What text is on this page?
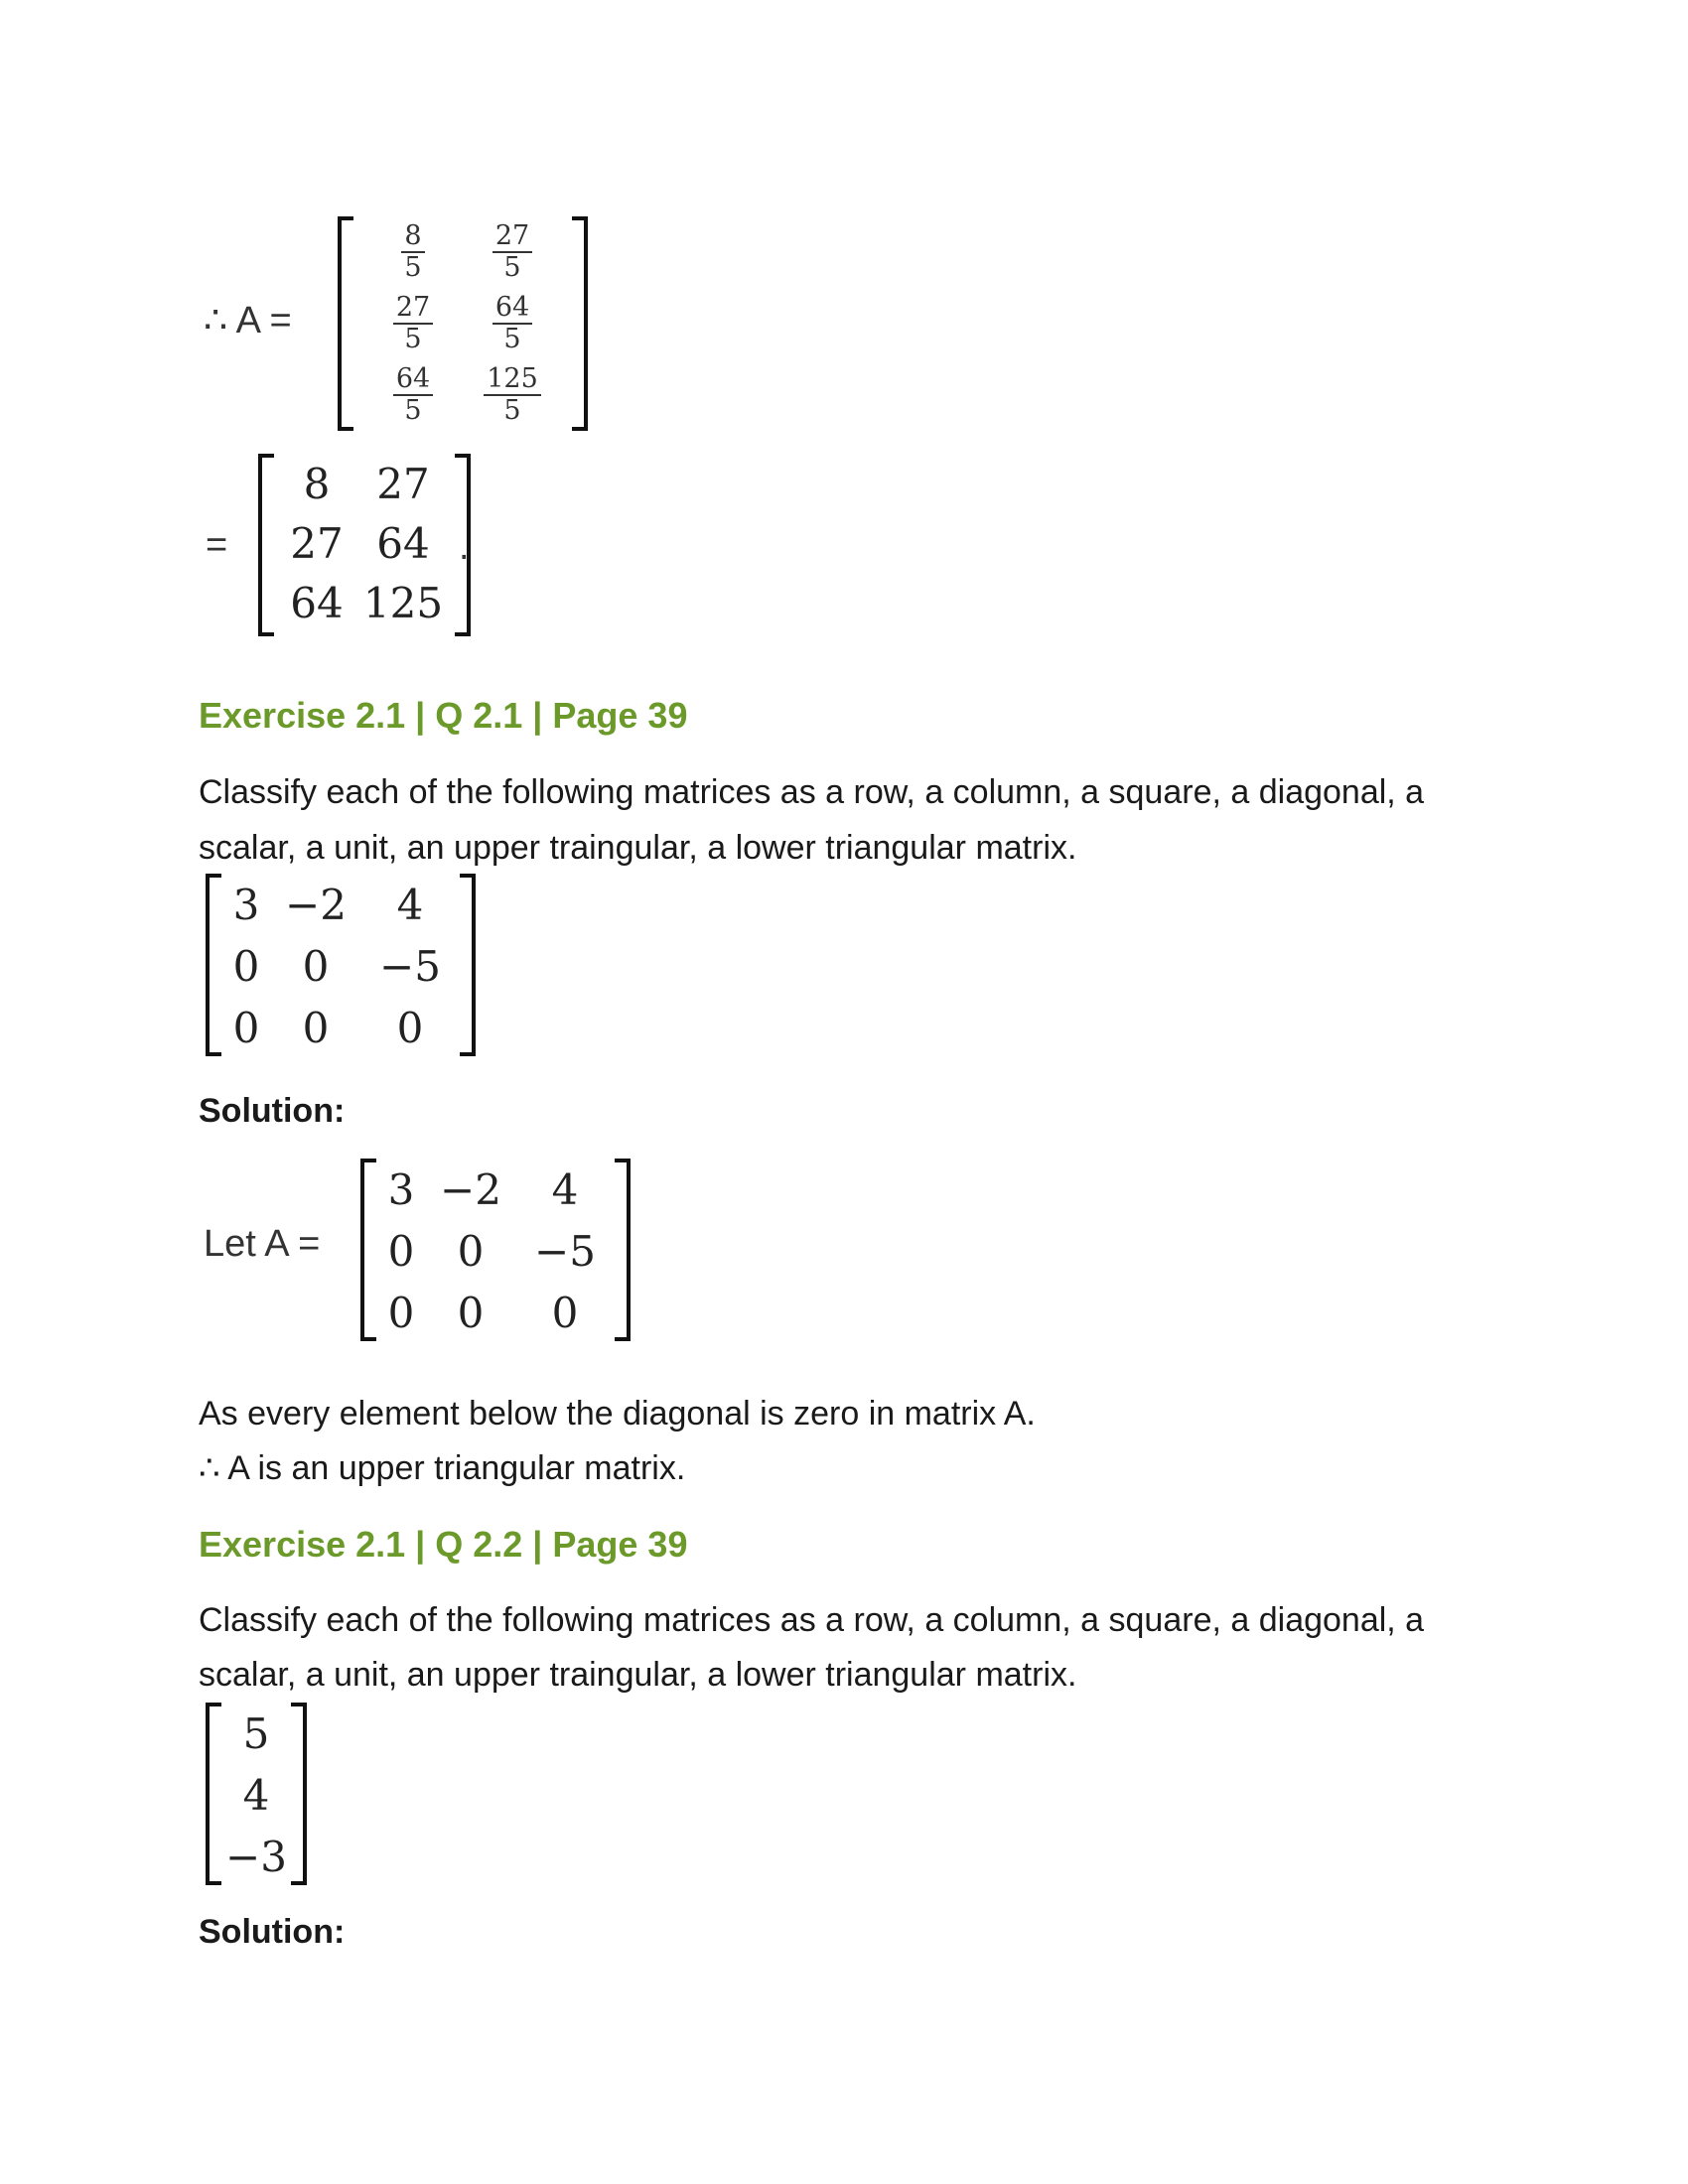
∴ A =
$\frac{8}{5}$	$\frac{27}{5}$
$\frac{27}{5} \frac{64}{5}$
$\frac{64}{5} \frac{125}{5}$
=
8 27
27 64
64 125
.
Exercise 2.1 | Q 2.1 | Page 39
Classify each of the following matrices as a row, a column, a square, a diagonal, a
scalar, a unit, an upper traingular, a lower triangular matrix.
3 −2 4
0 0 −5
0 0 0
Solution:
Let A =
3 −2 4
0 0 −5
0 0 0
As every element below the diagonal is zero in matrix A.
∴ A is an upper triangular matrix.
Exercise 2.1 | Q 2.2 | Page 39
Classify each of the following matrices as a row, a column, a square, a diagonal, a
scalar, a unit, an upper traingular, a lower triangular matrix.
5
4
−3
Solution:
